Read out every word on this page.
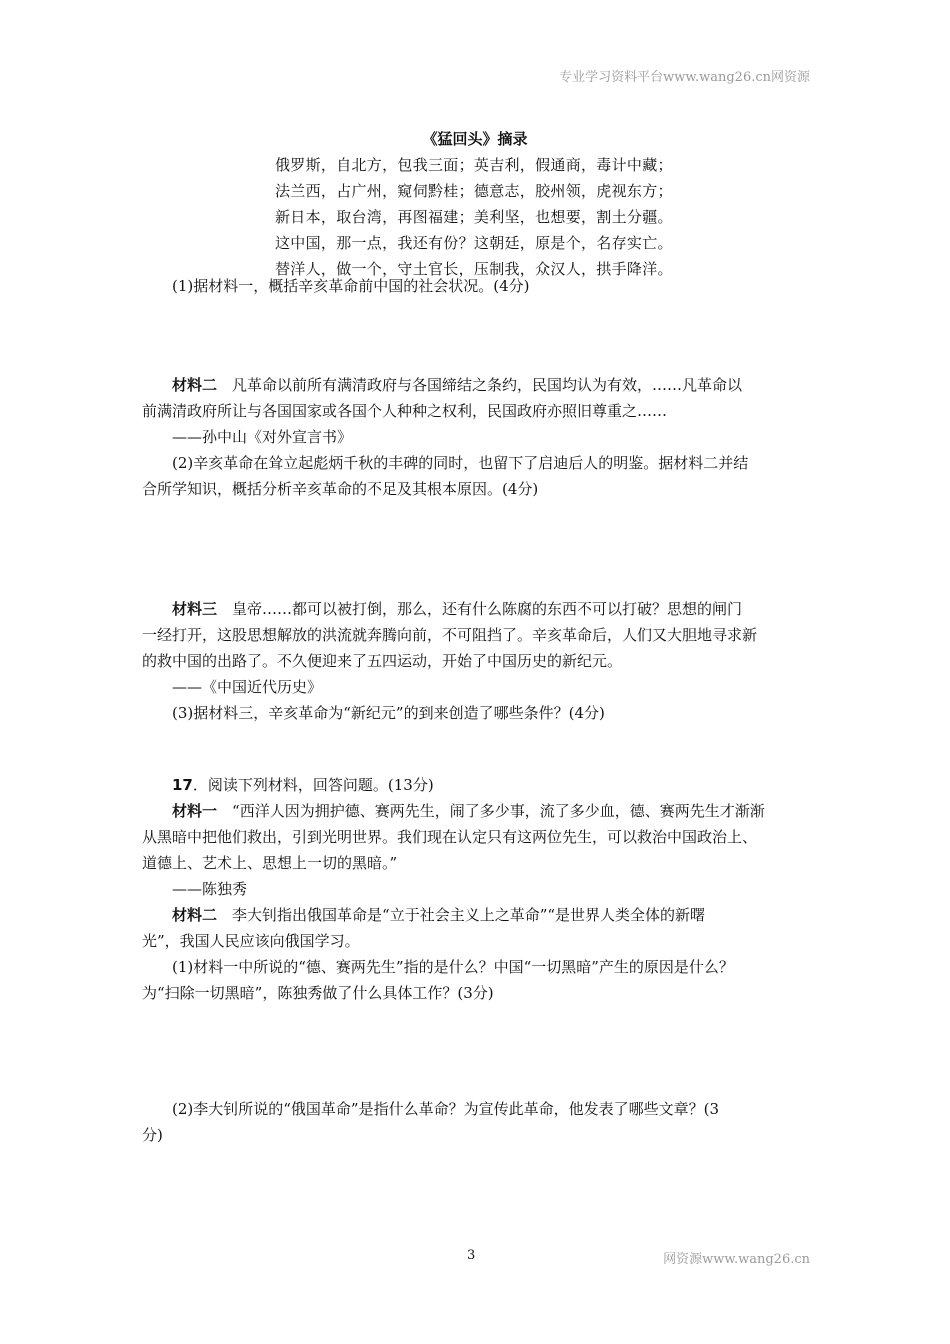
专业学习资料平台www.wang26.cn网资源
《猛回头》摘录
俄罗斯，自北方，包我三面；英吉利，假通商，毒计中藏；
法兰西，占广州，窥伺黔桂；德意志，胶州领，虎视东方；
新日本，取台湾，再图福建；美利坚，也想要，割土分疆。
这中国，那一点，我还有份？这朝廷，原是个，名存实亡。
替洋人，做一个，守土官长，压制我，众汉人，拱手降洋。
(1)据材料一，概括辛亥革命前中国的社会状况。(4分)
材料二　 凡革命以前所有满清政府与各国缔结之条约，民国均认为有效，……凡革命以
前满清政府所让与各国国家或各国个人种种之权利，民国政府亦照旧尊重之……
——孙中山《对外宣言书》
(2)辛亥革命在耸立起彪炳千秋的丰碑的同时，也留下了启迪后人的明鉴。据材料二并结
合所学知识，概括分析辛亥革命的不足及其根本原因。(4分)
材料三　 皇帝……都可以被打倒，那么，还有什么陈腐的东西不可以打破？思想的闸门
一经打开，这股思想解放的洪流就奔腾向前，不可阻挡了。辛亥革命后，人们又大胆地寻求新
的救中国的出路了。不久便迎来了五四运动，开始了中国历史的新纪元。
——《中国近代历史》
(3)据材料三，辛亥革命为“新纪元”的到来创造了哪些条件？(4分)
17．阅读下列材料，回答问题。(13分)
材料一　 “西洋人因为拥护德、赛两先生，闹了多少事，流了多少血，德、赛两先生才渐渐
从黑暗中把他们救出，引到光明世界。我们现在认定只有这两位先生，可以救治中国政治上、
道德上、艺术上、思想上一切的黑暗。”
——陈独秀
材料二　 李大钊指出俄国革命是“立于社会主义上之革命”“是世界人类全体的新曙
光”，我国人民应该向俄国学习。
(1)材料一中所说的“德、赛两先生”指的是什么？中国“一切黑暗”产生的原因是什么？
为“扫除一切黑暗”，陈独秀做了什么具体工作？(3分)
(2)李大钊所说的“俄国革命”是指什么革命？为宣传此革命，他发表了哪些文章？(3
分)
3	网资源www.wang26.cn
